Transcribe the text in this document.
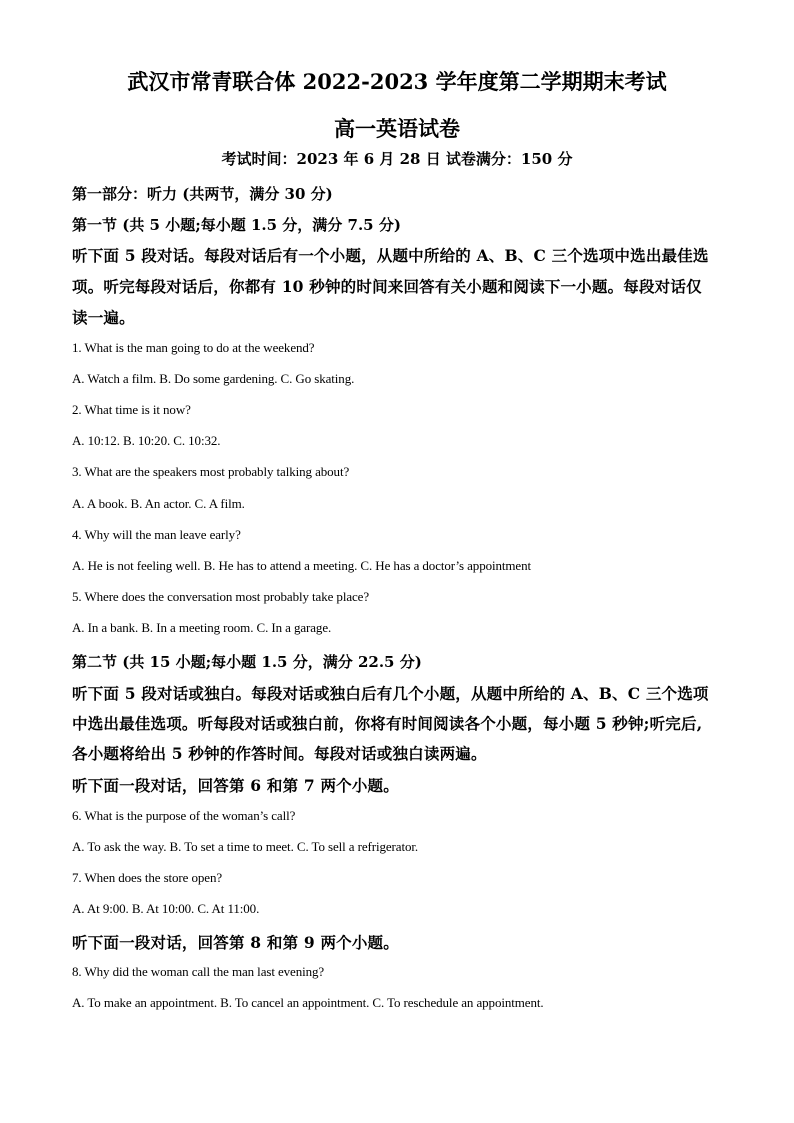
武汉市常青联合体 2022-2023 学年度第二学期期末考试
高一英语试卷
考试时间：2023 年 6 月 28 日 试卷满分：150 分
第一部分：听力 (共两节，满分 30 分)
第一节 (共 5 小题;每小题 1.5 分，满分 7.5 分)
听下面 5 段对话。每段对话后有一个小题，从题中所给的 A、B、C 三个选项中选出最佳选
项。听完每段对话后，你都有 10 秒钟的时间来回答有关小题和阅读下一小题。每段对话仅
读一遍。
1. What is the man going to do at the weekend?
A. Watch a film. B. Do some gardening. C. Go skating.
2. What time is it now?
A. 10:12. B. 10:20. C. 10:32.
3. What are the speakers most probably talking about?
A. A book. B. An actor. C. A film.
4. Why will the man leave early?
A. He is not feeling well. B. He has to attend a meeting. C. He has a doctor’s appointment
5. Where does the conversation most probably take place?
A. In a bank. B. In a meeting room. C. In a garage.
第二节 (共 15 小题;每小题 1.5 分，满分 22.5 分)
听下面 5 段对话或独白。每段对话或独白后有几个小题，从题中所给的 A、B、C 三个选项
中选出最佳选项。听每段对话或独白前，你将有时间阅读各个小题，每小题 5 秒钟;听完后,
各小题将给出 5 秒钟的作答时间。每段对话或独白读两遍。
听下面一段对话，回答第 6 和第 7 两个小题。
6. What is the purpose of the woman’s call?
A. To ask the way. B. To set a time to meet. C. To sell a refrigerator.
7. When does the store open?
A. At 9:00. B. At 10:00. C. At 11:00.
听下面一段对话，回答第 8 和第 9 两个小题。
8. Why did the woman call the man last evening?
A. To make an appointment. B. To cancel an appointment. C. To reschedule an appointment.
